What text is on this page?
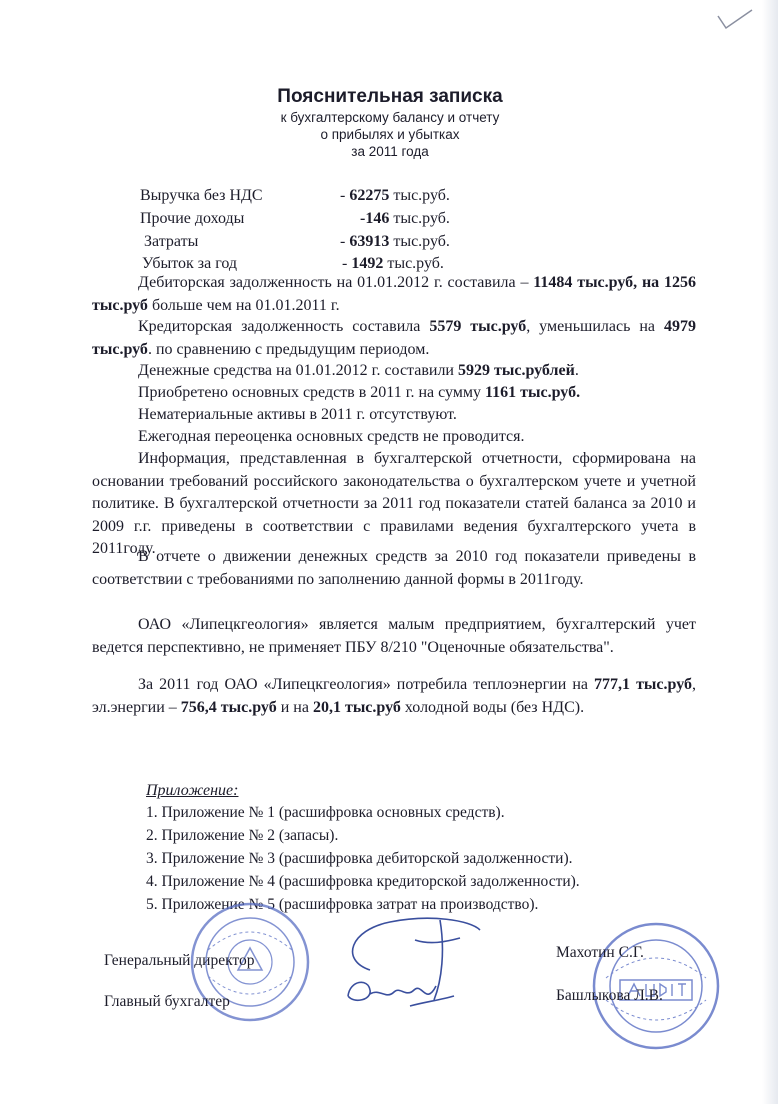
Пояснительная записка
к бухгалтерскому балансу и отчету
о прибылях и убытках
за 2011 года
Выручка без НДС	- 62275 тыс.руб.
Прочие доходы	-146 тыс.руб.
Затраты	- 63913 тыс.руб.
Убыток за год	- 1492 тыс.руб.

Дебиторская задолженность на 01.01.2012 г. составила – 11484 тыс.руб, на 1256 тыс.руб больше чем на 01.01.2011 г.

Кредиторская задолженность составила 5579 тыс.руб, уменьшилась на 4979 тыс.руб. по сравнению с предыдущим периодом.

Денежные средства на 01.01.2012 г. составили 5929 тыс.рублей.
Приобретено основных средств в 2011 г. на сумму 1161 тыс.руб.
Нематериальные активы в 2011 г. отсутствуют.
Ежегодная переоценка основных средств не проводится.

Информация, представленная в бухгалтерской отчетности, сформирована на основании требований российского законодательства о бухгалтерском учете и учетной политике. В бухгалтерской отчетности за 2011 год показатели статей баланса за 2010 и 2009 г.г. приведены в соответствии с правилами ведения бухгалтерского учета в 2011году.

В отчете о движении денежных средств за 2010 год показатели приведены в соответствии с требованиями по заполнению данной формы в 2011году.

ОАО «Липецкгеология» является малым предприятием, бухгалтерский учет ведется перспективно, не применяет ПБУ 8/210 "Оценочные обязательства".

За 2011 год ОАО «Липецкгеология» потребила теплоэнергии на 777,1 тыс.руб, эл.энергии – 756,4 тыс.руб и на 20,1 тыс.руб холодной воды (без НДС).

Приложение:
1. Приложение № 1 (расшифровка основных средств).
2. Приложение № 2 (запасы).
3. Приложение № 3 (расшифровка дебиторской задолженности).
4. Приложение № 4 (расшифровка кредиторской задолженности).
5. Приложение № 5 (расшифровка затрат на производство).
Генеральный директор	Махотин С.Г.
Главный бухгалтер	Башлыкова Л.В.
